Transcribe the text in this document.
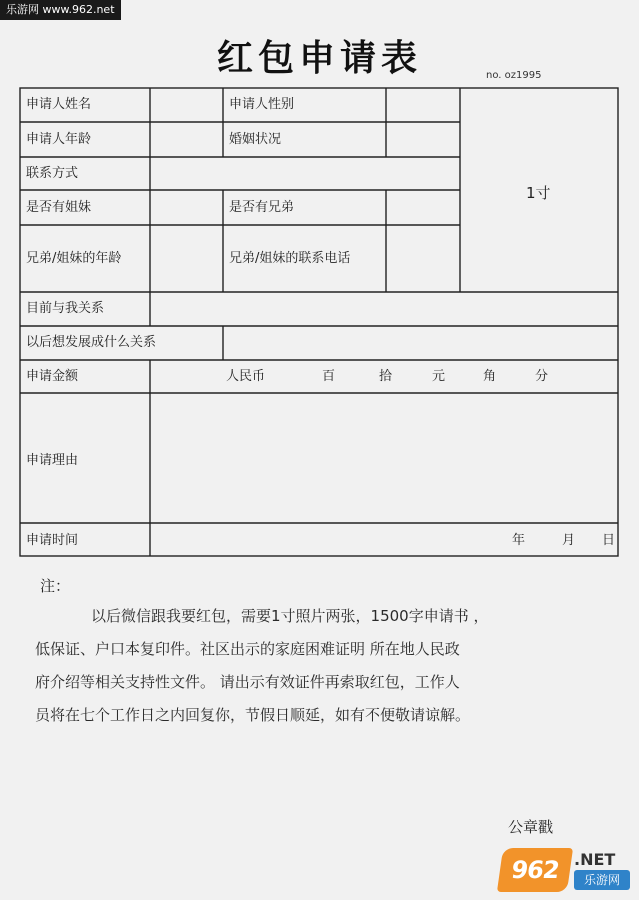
乐游网 www.962.net
红包申请表	no. oz1995
申请人姓名	申请人性别
申请人年龄	婚姻状况
联系方式
1寸
是否有姐妹	是否有兄弟
兄弟/姐妹的年龄	兄弟/姐妹的联系电话
目前与我关系
以后想发展成什么关系
申请金额	人民币	百	拾	元	角	分
申请理由
申请时间	年	月 日
注：

以后微信跟我要红包，需要1寸照片两张，1500字申请书 ，

低保证、户口本复印件。社区出示的家庭困难证明 所在地人民政

府介绍等相关支持性文件。 请出示有效证件再索取红包，工作人

员将在七个工作日之内回复你，节假日顺延，如有不便敬请谅解。

公章戳
962 .NET
乐游网
